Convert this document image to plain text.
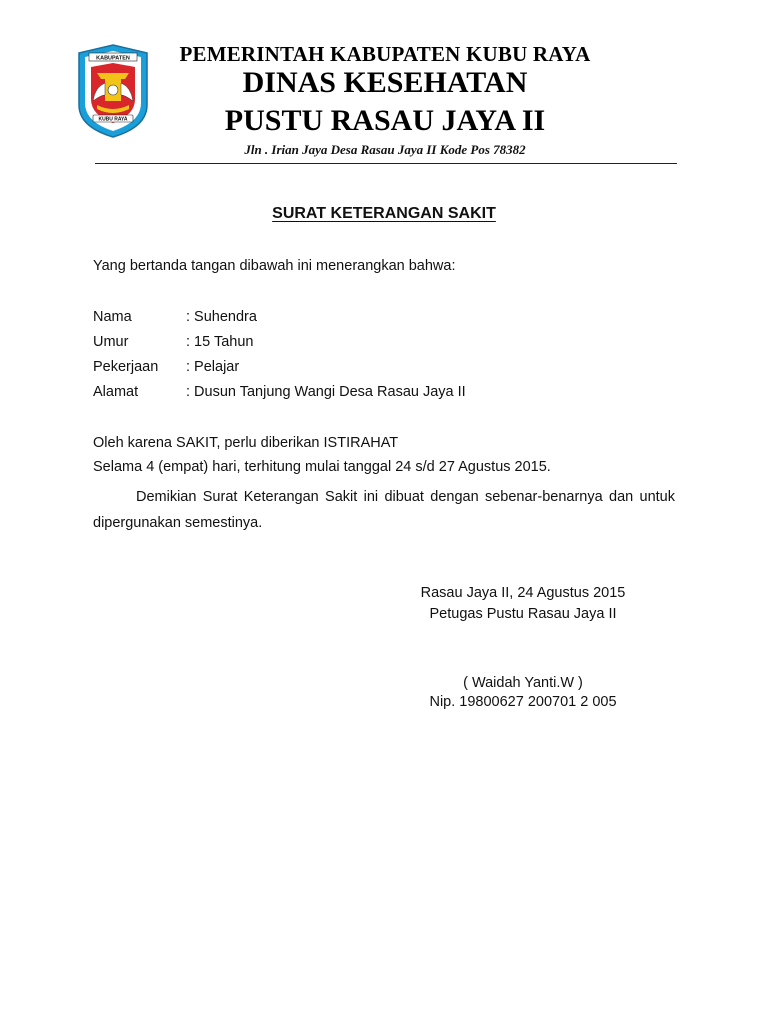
KABUPATEN
KUBU RAYA
PEMERINTAH KABUPATEN KUBU RAYA
DINAS KESEHATAN
PUSTU RASAU JAYA II
Jln . Irian Jaya Desa Rasau Jaya II Kode Pos 78382
SURAT KETERANGAN SAKIT
Yang bertanda tangan dibawah ini menerangkan bahwa:
Nama	: Suhendra
Umur	: 15 Tahun
Pekerjaan : Pelajar
Alamat	: Dusun Tanjung Wangi Desa Rasau Jaya II
Oleh karena SAKIT, perlu diberikan ISTIRAHAT
Selama 4 (empat) hari, terhitung mulai tanggal 24 s/d 27 Agustus 2015.
Demikian Surat Keterangan Sakit ini dibuat dengan sebenar-benarnya dan untuk dipergunakan semestinya.
Rasau Jaya II, 24 Agustus 2015
Petugas Pustu Rasau Jaya II
( Waidah Yanti.W )
Nip. 19800627 200701 2 005
